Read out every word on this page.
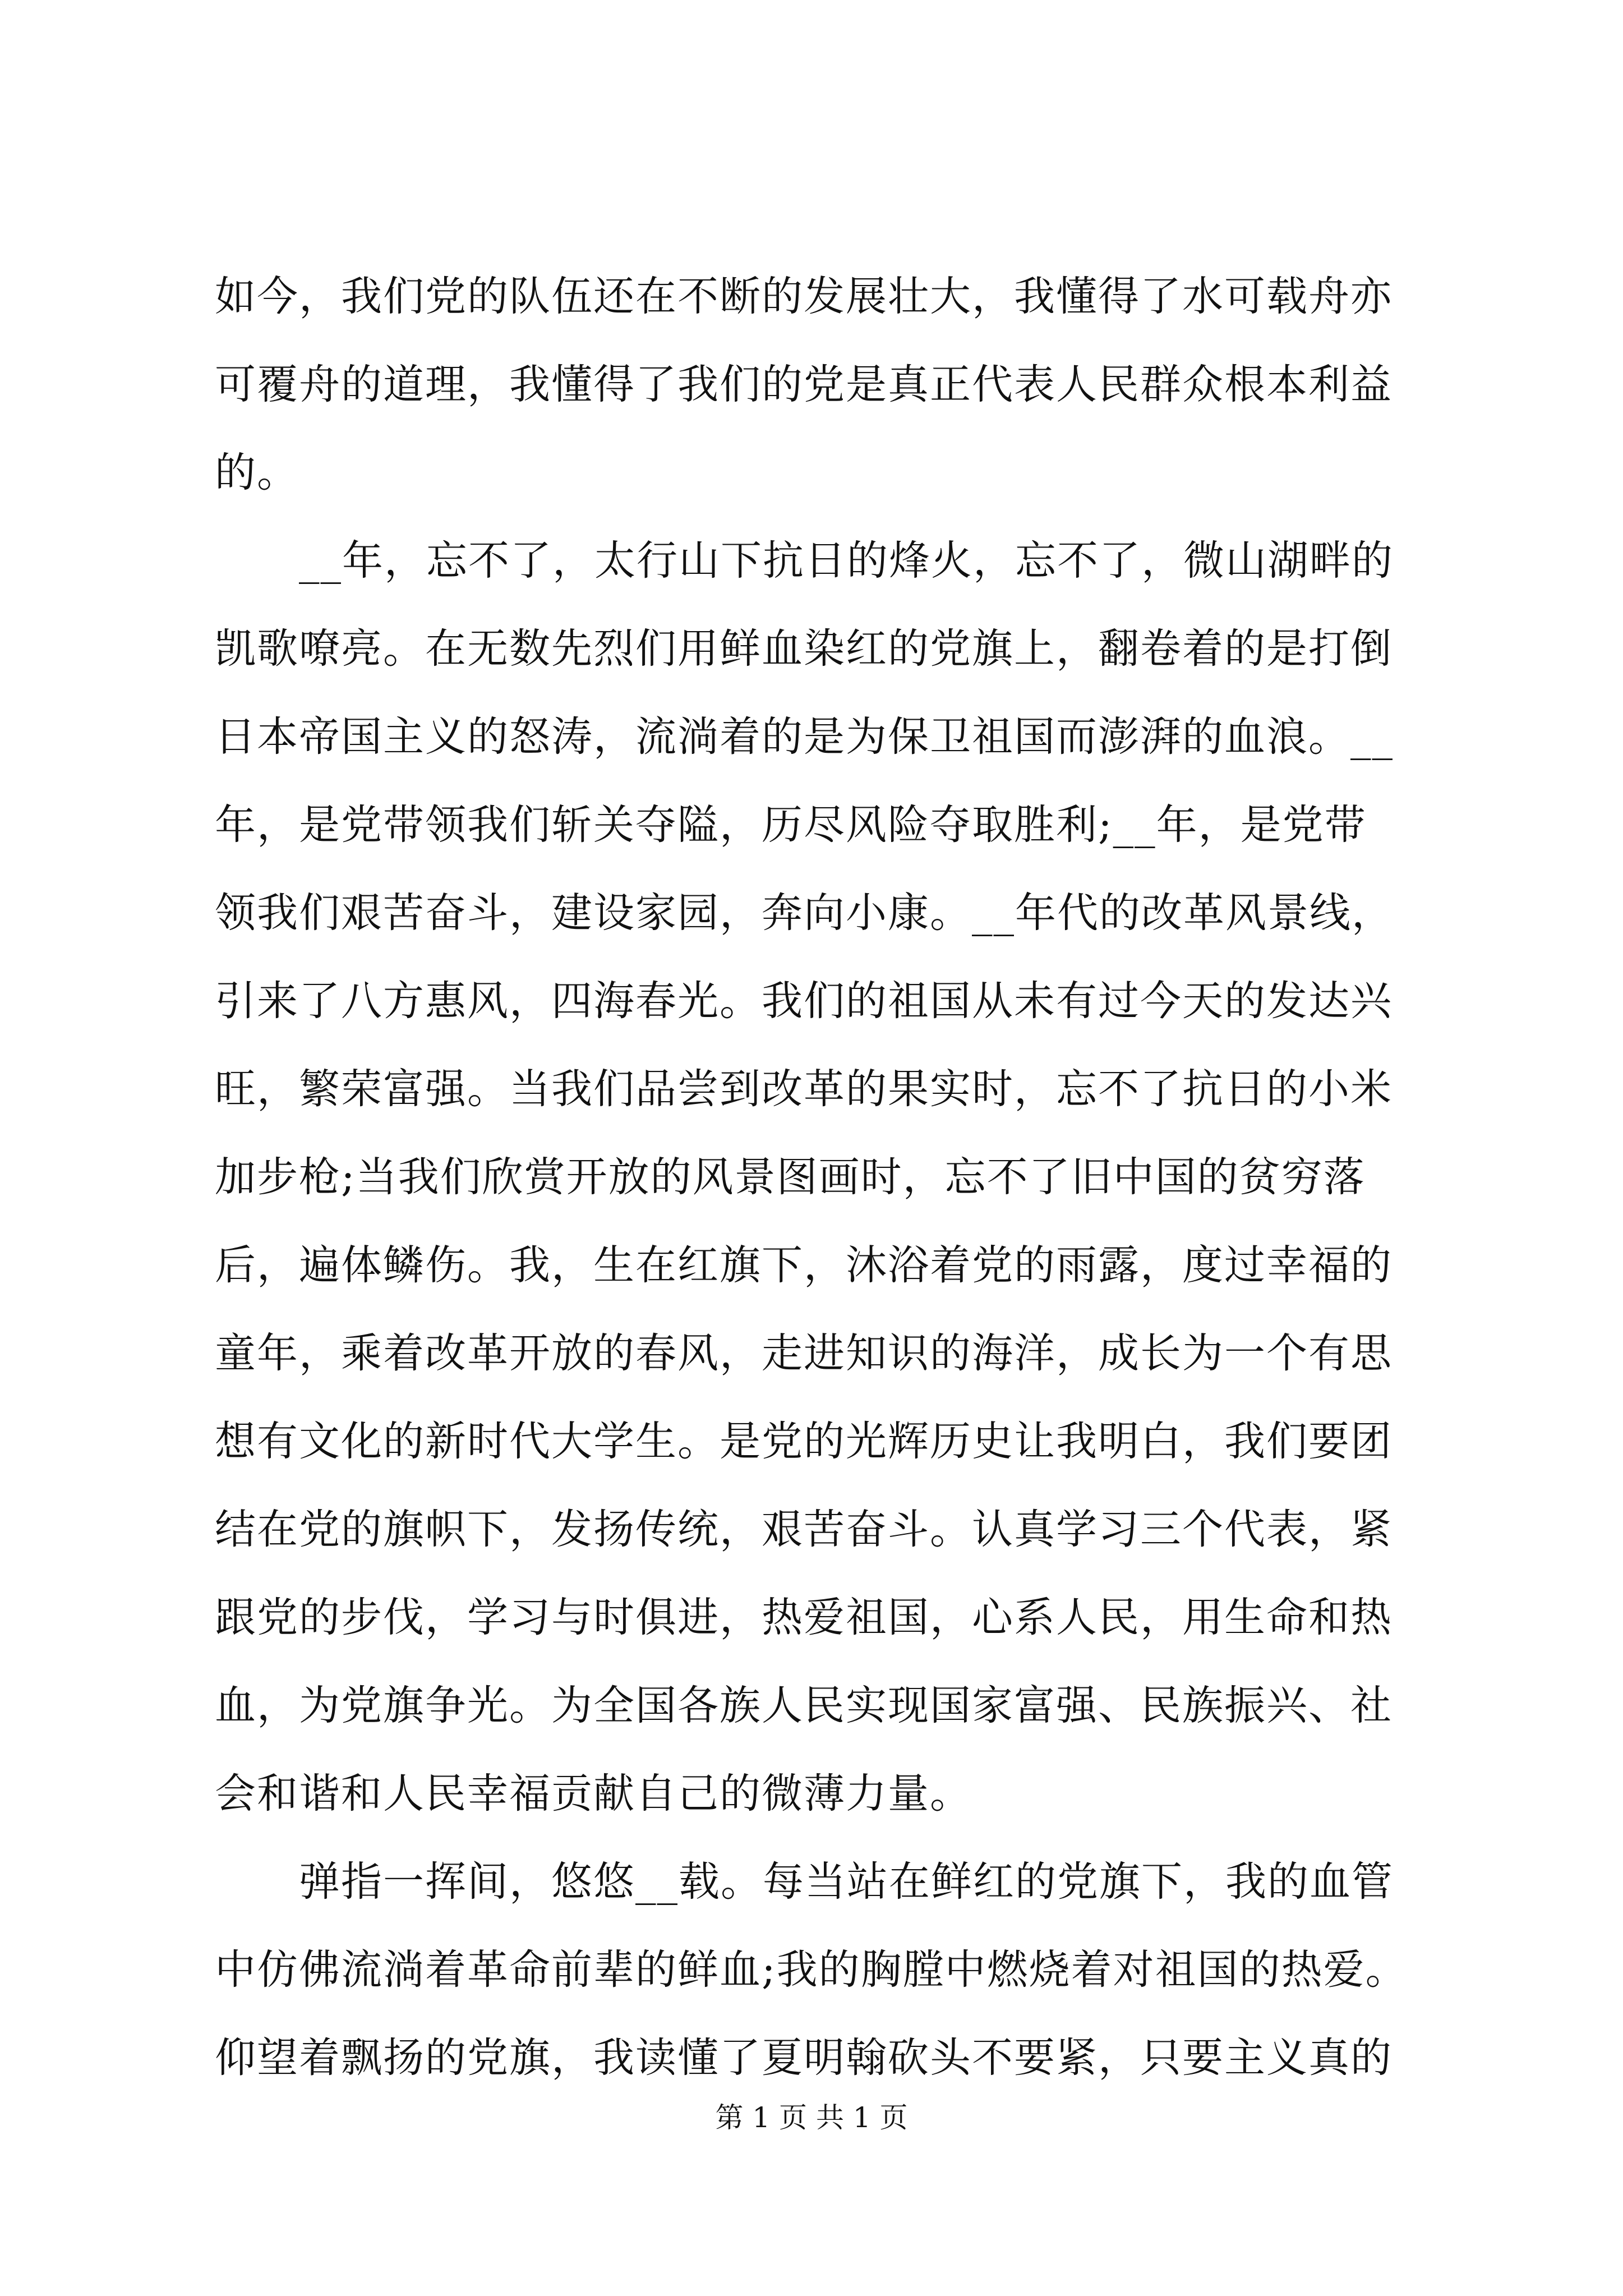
如今，我们党的队伍还在不断的发展壮大，我懂得了水可载舟亦
可覆舟的道理，我懂得了我们的党是真正代表人民群众根本利益
的。
　　__年，忘不了，太行山下抗日的烽火，忘不了，微山湖畔的
凯歌嘹亮。在无数先烈们用鲜血染红的党旗上，翻卷着的是打倒
日本帝国主义的怒涛，流淌着的是为保卫祖国而澎湃的血浪。__
年，是党带领我们斩关夺隘，历尽风险夺取胜利;__年，是党带
领我们艰苦奋斗，建设家园，奔向小康。__年代的改革风景线，
引来了八方惠风，四海春光。我们的祖国从未有过今天的发达兴
旺，繁荣富强。当我们品尝到改革的果实时，忘不了抗日的小米
加步枪;当我们欣赏开放的风景图画时，忘不了旧中国的贫穷落
后，遍体鳞伤。我，生在红旗下，沐浴着党的雨露，度过幸福的
童年，乘着改革开放的春风，走进知识的海洋，成长为一个有思
想有文化的新时代大学生。是党的光辉历史让我明白，我们要团
结在党的旗帜下，发扬传统，艰苦奋斗。认真学习三个代表，紧
跟党的步伐，学习与时俱进，热爱祖国，心系人民，用生命和热
血，为党旗争光。为全国各族人民实现国家富强、民族振兴、社
会和谐和人民幸福贡献自己的微薄力量。
　　弹指一挥间，悠悠__载。每当站在鲜红的党旗下，我的血管
中仿佛流淌着革命前辈的鲜血;我的胸膛中燃烧着对祖国的热爱。
仰望着飘扬的党旗，我读懂了夏明翰砍头不要紧，只要主义真的
第 1 页 共 1 页
